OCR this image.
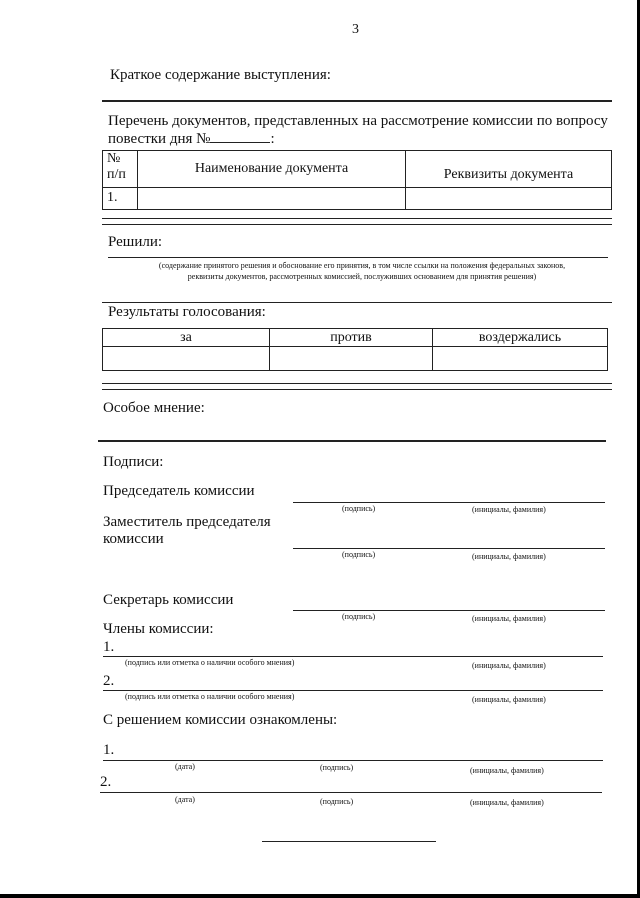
3
Краткое содержание выступления:
Перечень документов, представленных на рассмотрение комиссии по вопросу
повестки дня №	:
№
п/п	Наименование документа	Реквизиты документа
1.		
Решили:
(содержание принятого решения и обоснование его принятия, в том числе ссылки на положения федеральных законов,
реквизиты документов, рассмотренных комиссией, послуживших основанием для принятия решения)
Результаты голосования:
за	против	воздержались

Особое мнение:
Подписи:
Председатель комиссии
(подпись)	(инициалы, фамилия)
Заместитель председателя
комиссии
(подпись)	(инициалы, фамилия)
Секретарь комиссии
(подпись)	(инициалы, фамилия)
Члены комиссии:
1.
(подпись или отметка о наличии особого мнения)	(инициалы, фамилия)
2.
(подпись или отметка о наличии особого мнения)	(инициалы, фамилия)
С решением комиссии ознакомлены:
1.
(дата)	(подпись)	(инициалы, фамилия)
2.
(дата)	(подпись)	(инициалы, фамилия)
